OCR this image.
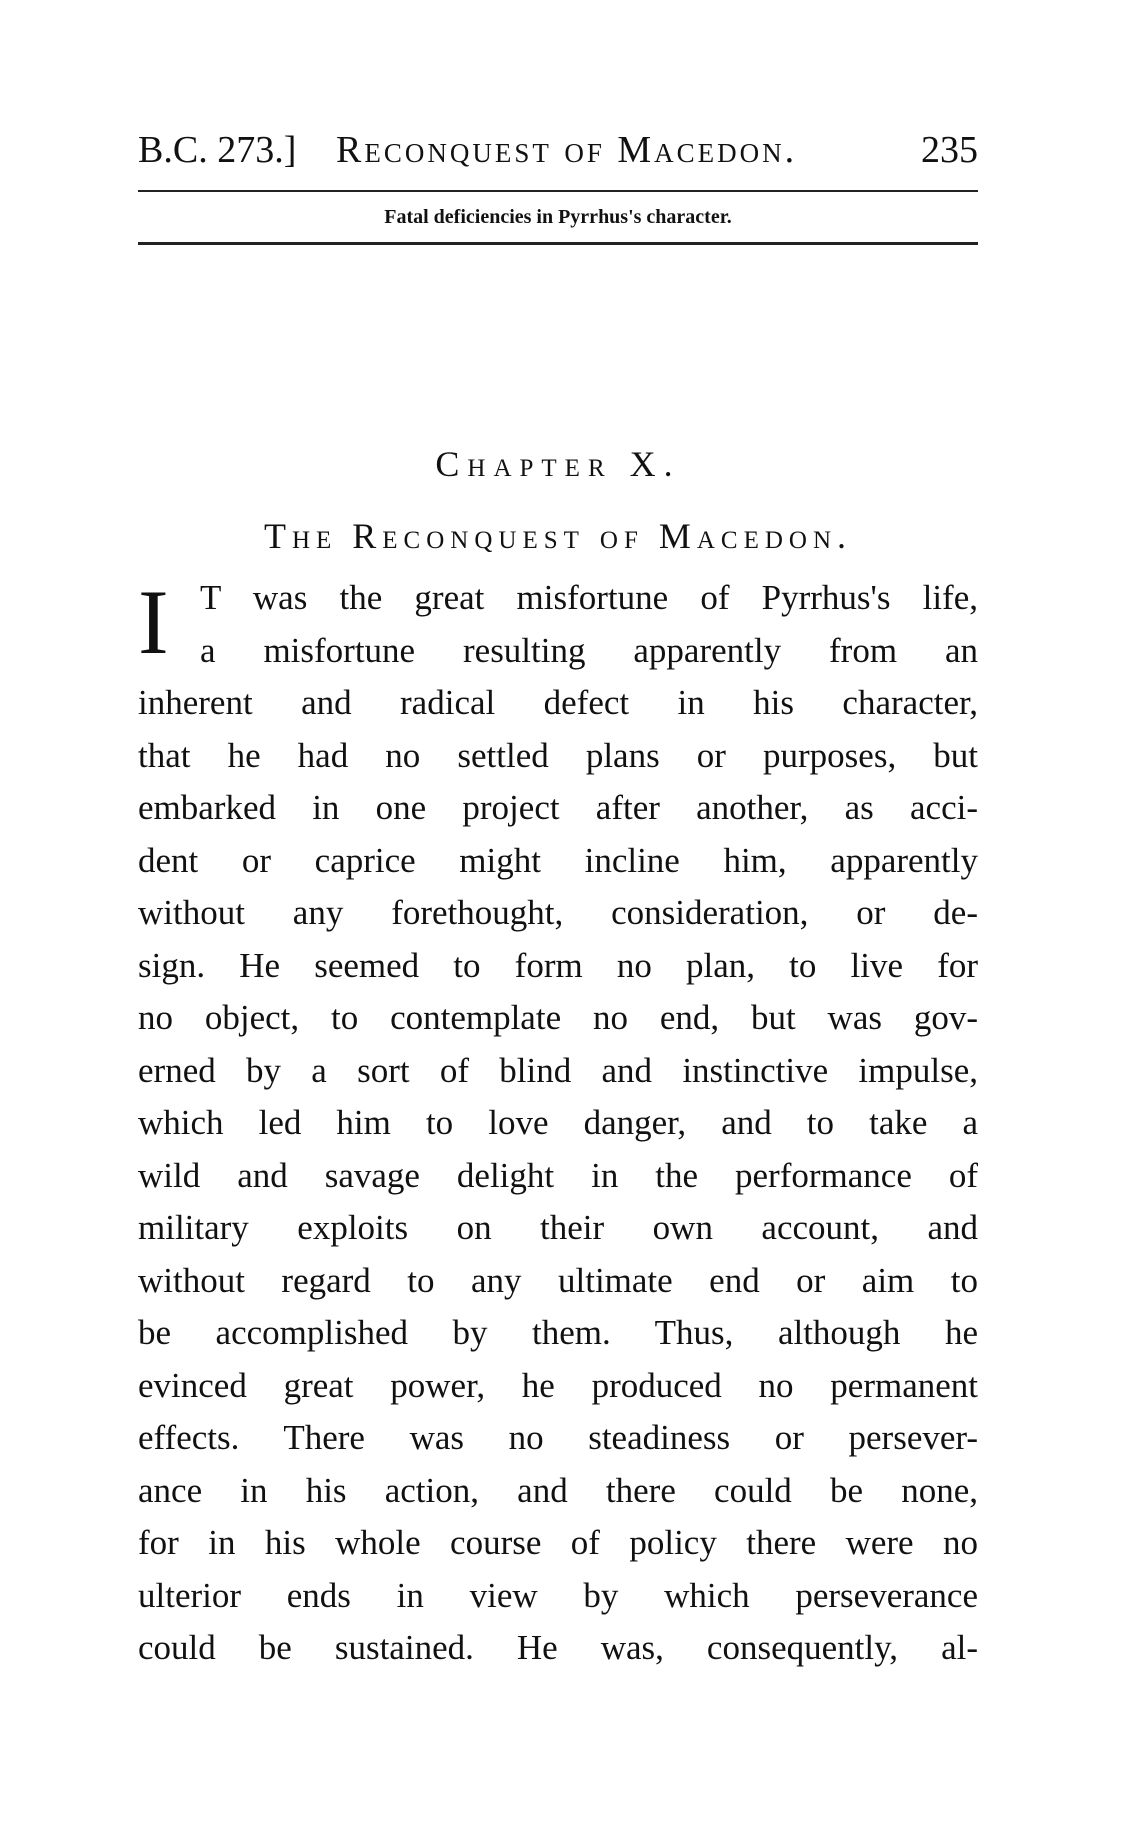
B.C. 273.] Reconquest of Macedon.	235
Fatal deficiencies in Pyrrhus's character.
Chapter X.
The Reconquest of Macedon.
I T was the great misfortune of Pyrrhus's life,
a misfortune resulting apparently from an
inherent and radical defect in his character,
that he had no settled plans or purposes, but
embarked in one project after another, as acci-
dent or caprice might incline him, apparently
without any forethought, consideration, or de-
sign. He seemed to form no plan, to live for
no object, to contemplate no end, but was gov-
erned by a sort of blind and instinctive impulse,
which led him to love danger, and to take a
wild and savage delight in the performance of
military exploits on their own account, and
without regard to any ultimate end or aim to
be accomplished by them. Thus, although he
evinced great power, he produced no permanent
effects. There was no steadiness or persever-
ance in his action, and there could be none,
for in his whole course of policy there were no
ulterior ends in view by which perseverance
could be sustained. He was, consequently, al-
